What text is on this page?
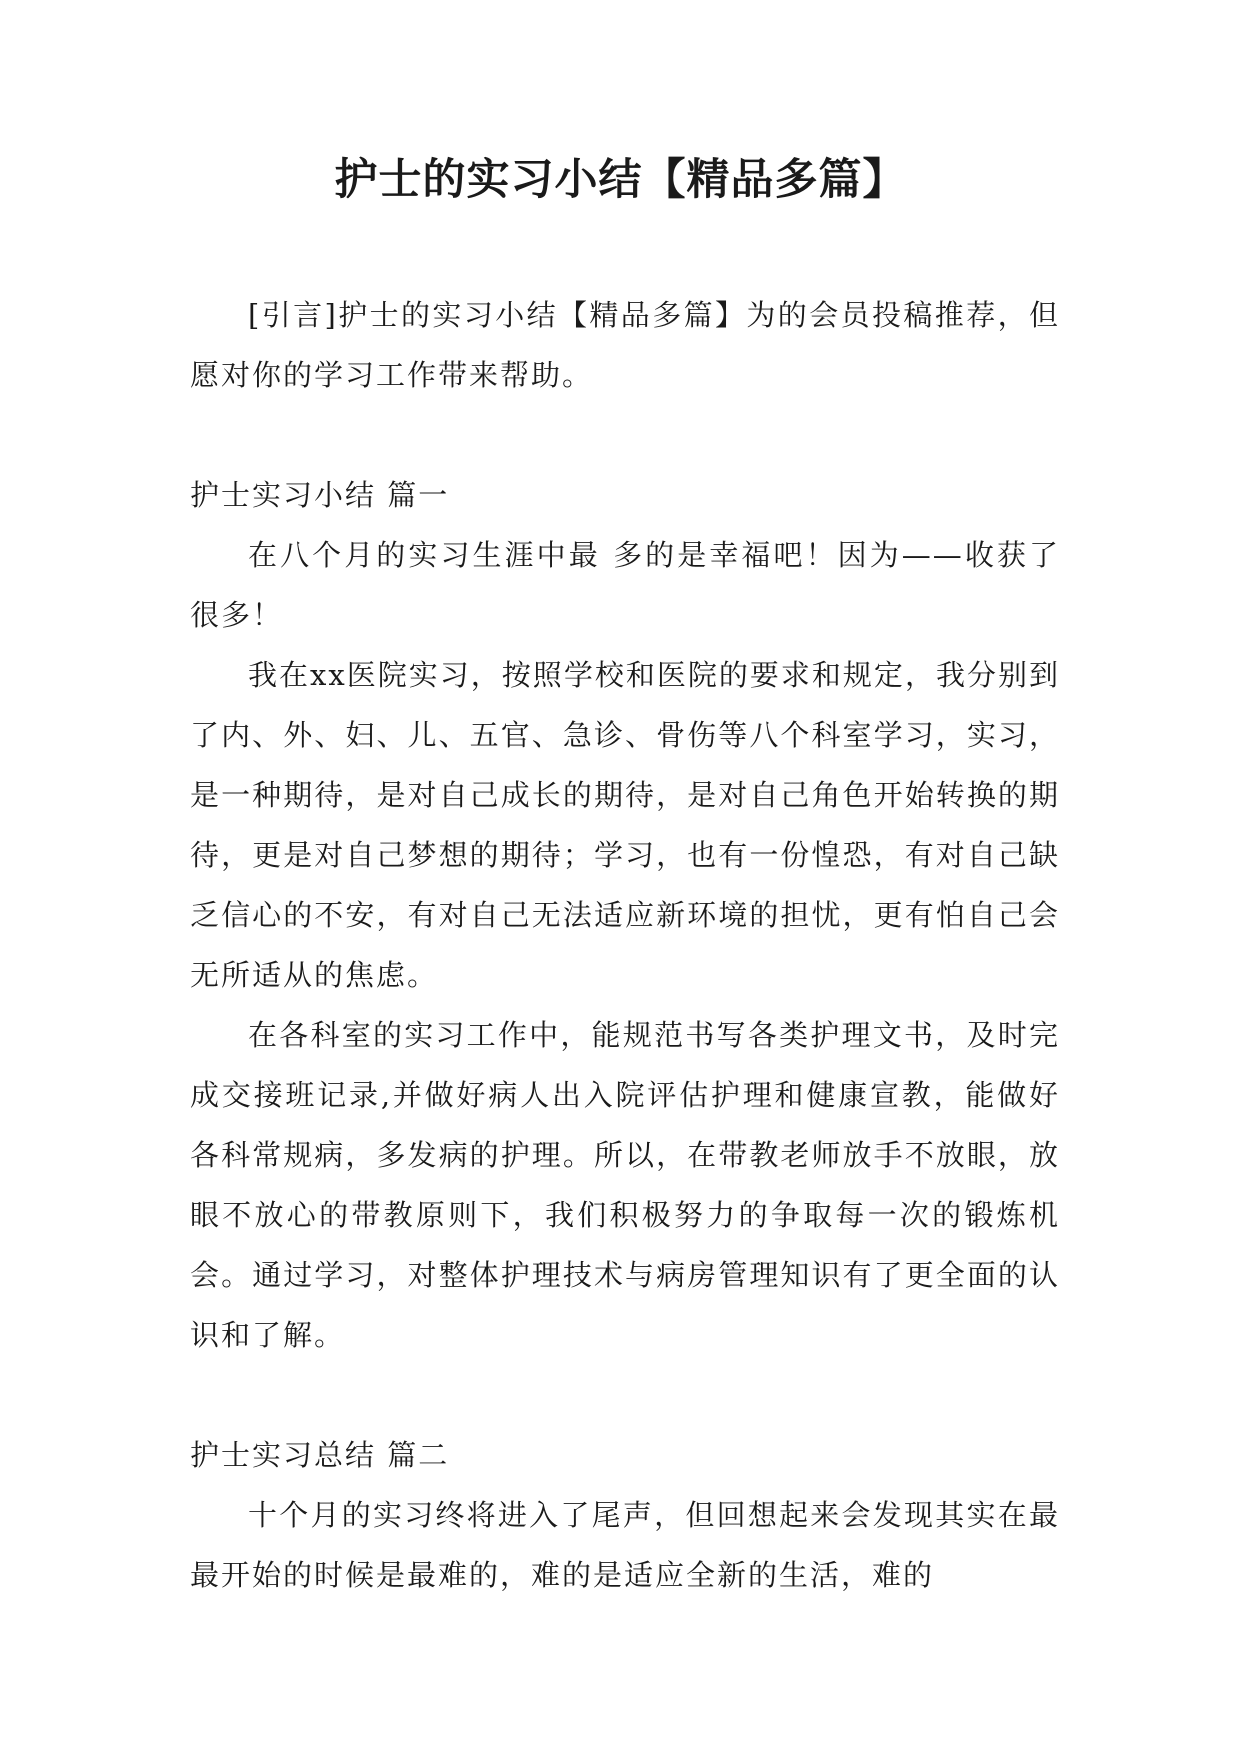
护士的实习小结【精品多篇】

[引言]护士的实习小结【精品多篇】为的会员投稿推荐，但愿对你的学习工作带来帮助。

护士实习小结 篇一

在八个月的实习生涯中最 多的是幸福吧！因为——收获了很多！

我在xx医院实习，按照学校和医院的要求和规定，我分别到了内、外、妇、儿、五官、急诊、骨伤等八个科室学习，实习，是一种期待，是对自己成长的期待，是对自己角色开始转换的期待，更是对自己梦想的期待；学习，也有一份惶恐，有对自己缺乏信心的不安，有对自己无法适应新环境的担忧，更有怕自己会无所适从的焦虑。

在各科室的实习工作中，能规范书写各类护理文书，及时完成交接班记录,并做好病人出入院评估护理和健康宣教，能做好各科常规病，多发病的护理。所以，在带教老师放手不放眼，放眼不放心的带教原则下，我们积极努力的争取每一次的锻炼机会。通过学习，对整体护理技术与病房管理知识有了更全面的认识和了解。

护士实习总结 篇二

十个月的实习终将进入了尾声，但回想起来会发现其实在最最开始的时候是最难的，难的是适应全新的生活，难的
